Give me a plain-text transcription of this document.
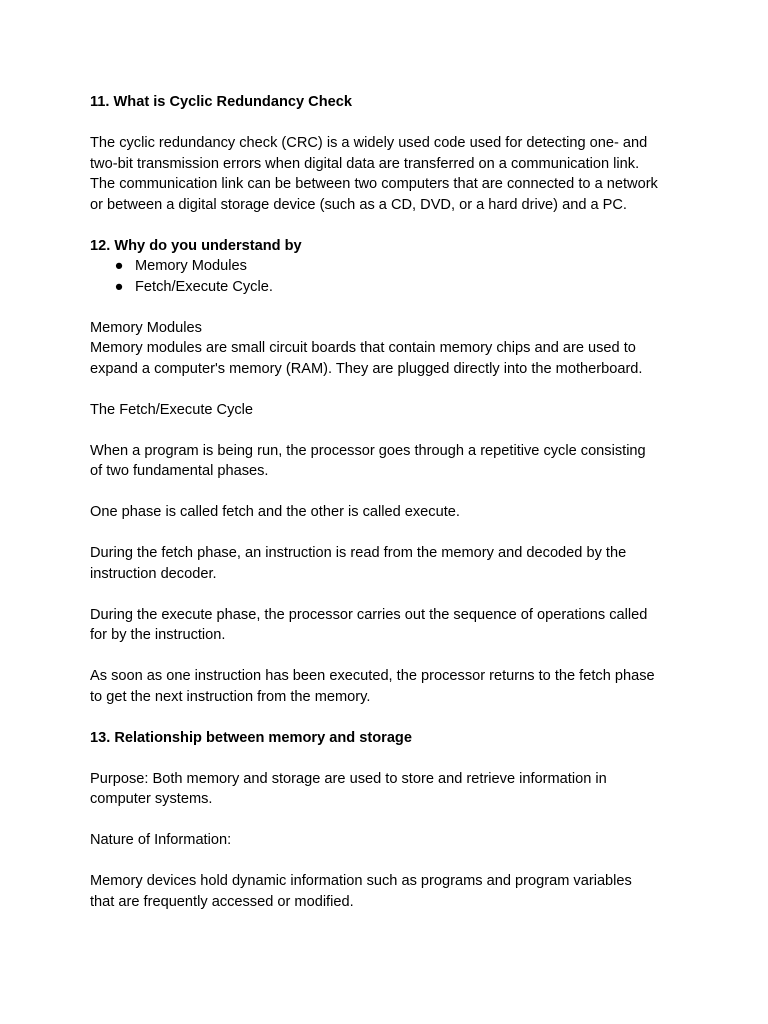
11. What is Cyclic Redundancy Check

The cyclic redundancy check (CRC) is a widely used code used for detecting one- and
two-bit transmission errors when digital data are transferred on a communication link.
The communication link can be between two computers that are connected to a network
or between a digital storage device (such as a CD, DVD, or a hard drive) and a PC.

12. Why do you understand by

● Memory Modules
● Fetch/Execute Cycle.

Memory Modules

Memory modules are small circuit boards that contain memory chips and are used to
expand a computer's memory (RAM). They are plugged directly into the motherboard.

The Fetch/Execute Cycle

When a program is being run, the processor goes through a repetitive cycle consisting
of two fundamental phases.

One phase is called fetch and the other is called execute.

During the fetch phase, an instruction is read from the memory and decoded by the
instruction decoder.

During the execute phase, the processor carries out the sequence of operations called
for by the instruction.

As soon as one instruction has been executed, the processor returns to the fetch phase
to get the next instruction from the memory.

13. Relationship between memory and storage

Purpose: Both memory and storage are used to store and retrieve information in
computer systems.

Nature of Information:

Memory devices hold dynamic information such as programs and program variables
that are frequently accessed or modified.
